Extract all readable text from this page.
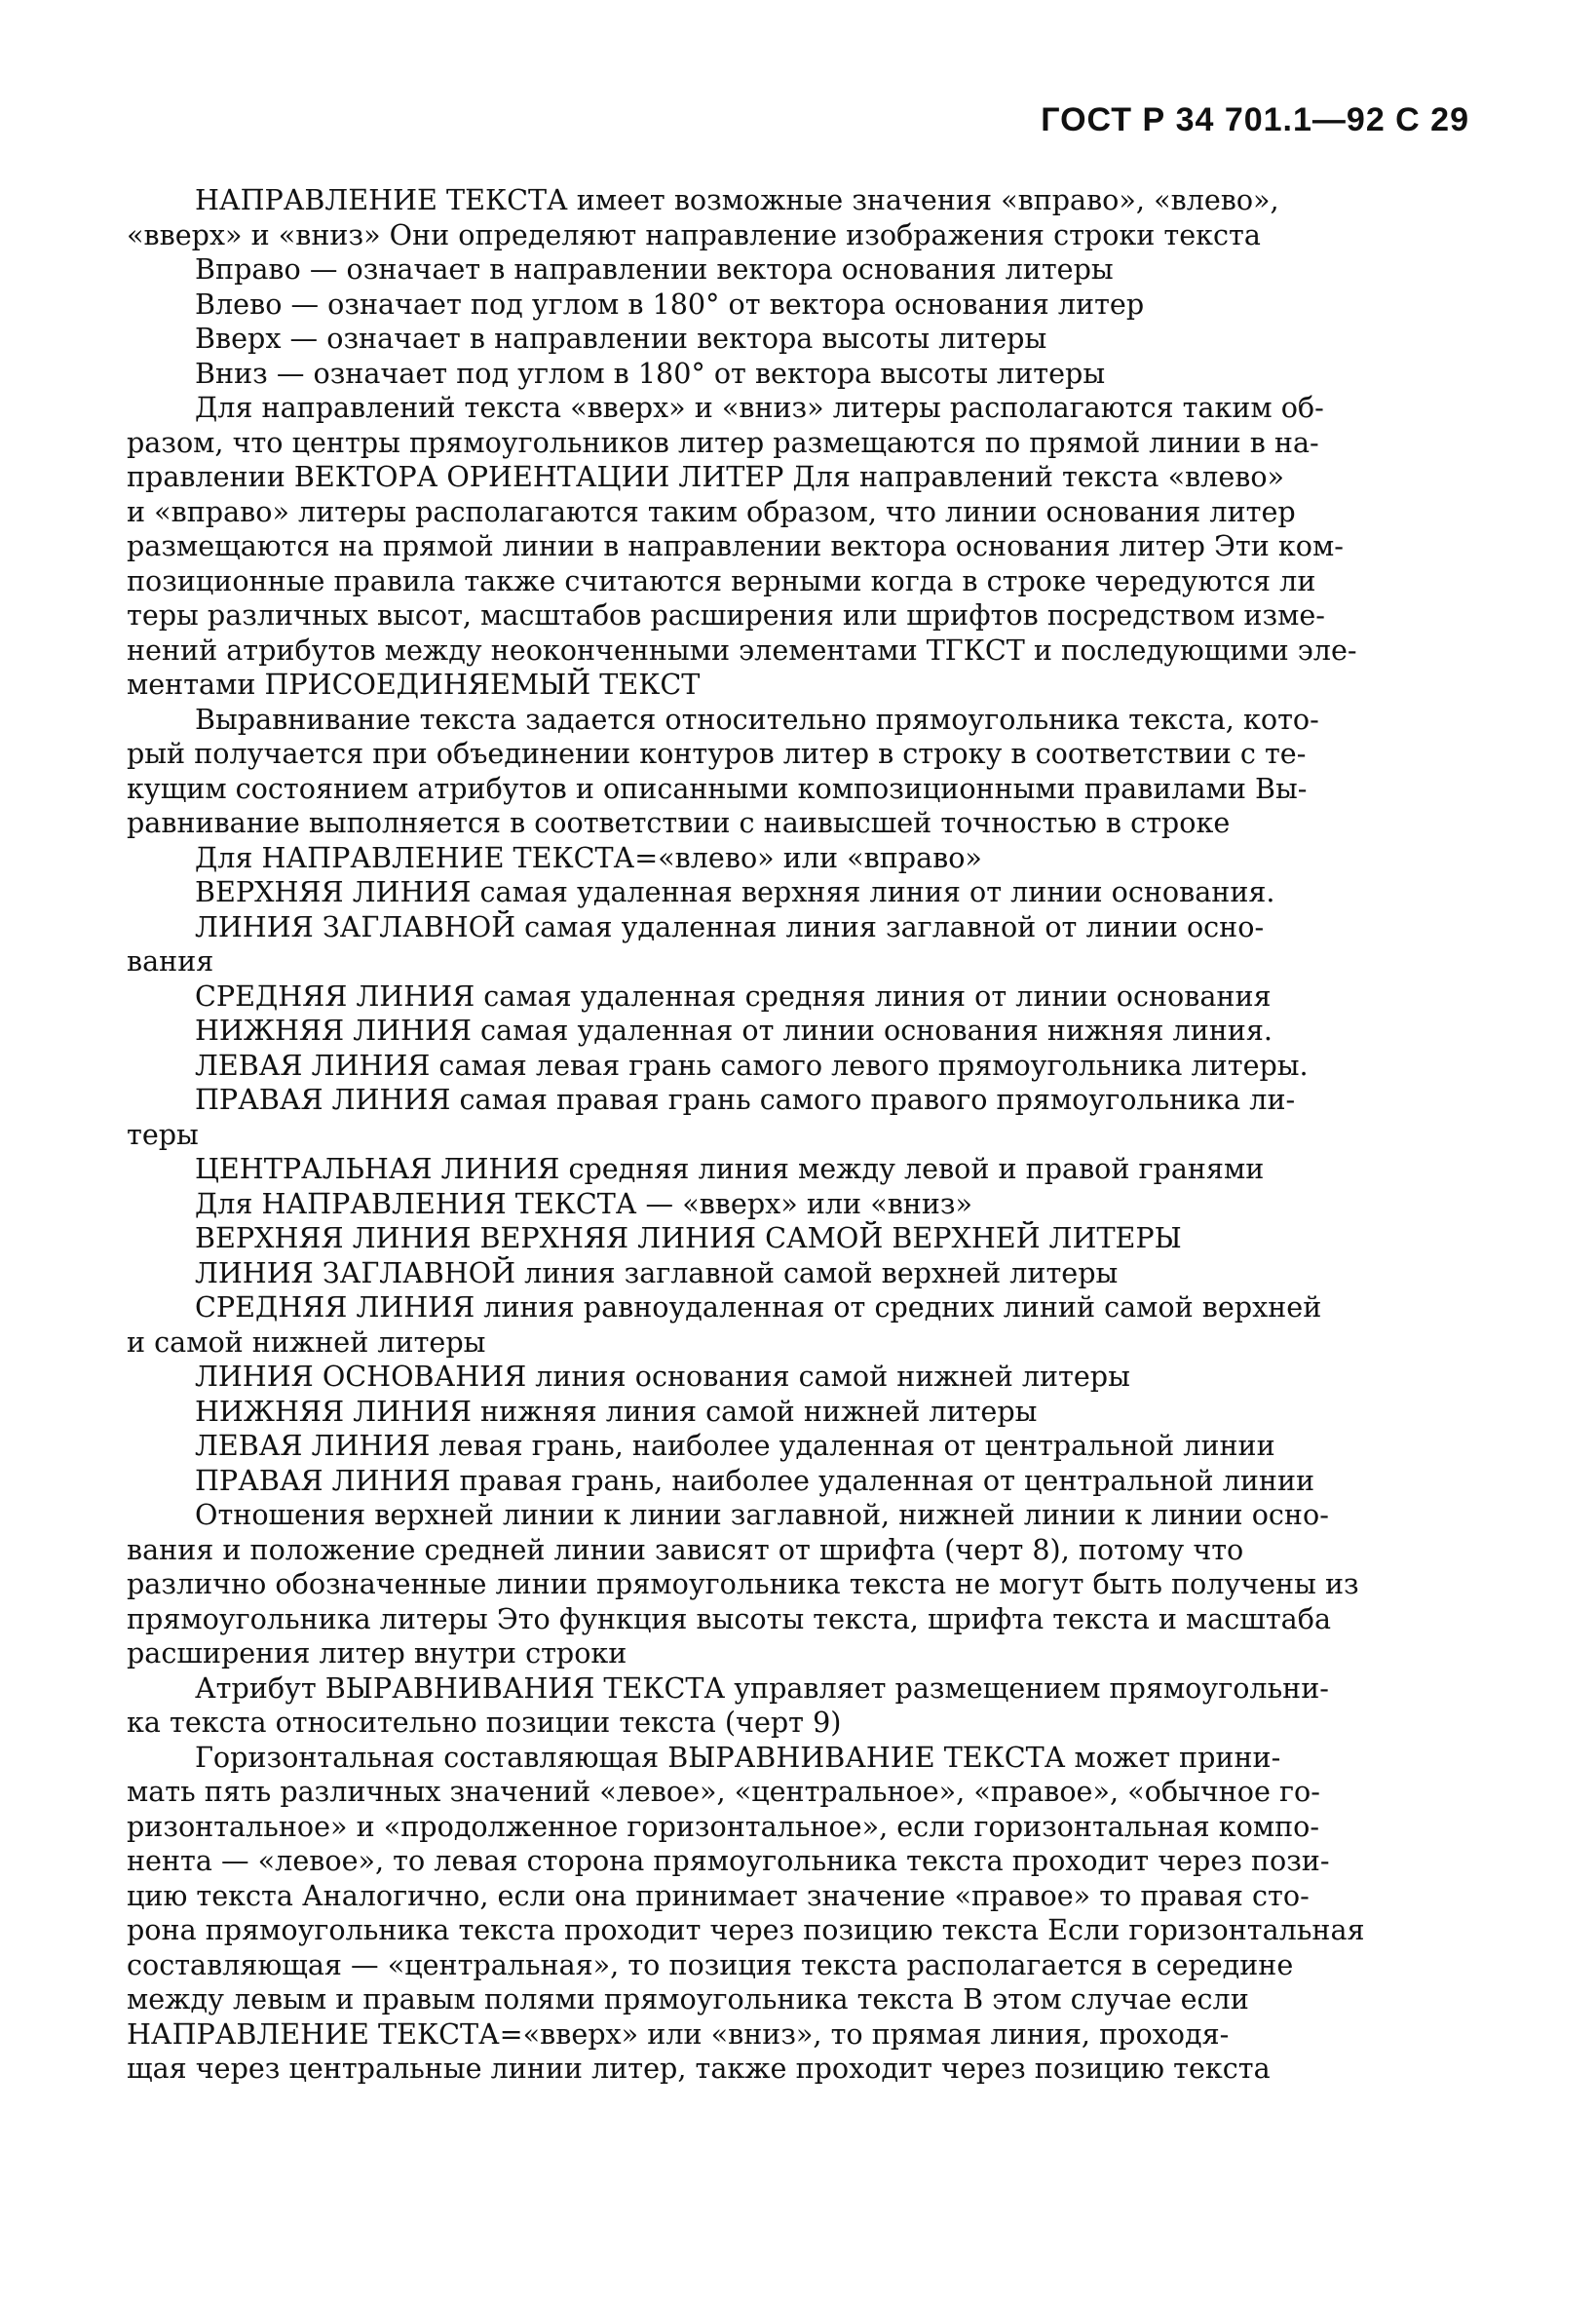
ГОСТ Р 34 701.1—92 С 29
НАПРАВЛЕНИЕ ТЕКСТА имеет возможные значения «вправо», «влево»,
«вверх» и «вниз» Они определяют направление изображения строки текста
Вправо — означает в направлении вектора основания литеры
Влево — означает под углом в 180° от вектора основания литер
Вверх — означает в направлении вектора высоты литеры
Вниз — означает под углом в 180° от вектора высоты литеры
Для направлений текста «вверх» и «вниз» литеры располагаются таким об-
разом, что центры прямоугольников литер размещаются по прямой линии в на-
правлении ВЕКТОРА ОРИЕНТАЦИИ ЛИТЕР Для направлений текста «влево»
и «вправо» литеры располагаются таким образом, что линии основания литер
размещаются на прямой линии в направлении вектора основания литер Эти ком-
позиционные правила также считаются верными когда в строке чередуются ли
теры различных высот, масштабов расширения или шрифтов посредством изме-
нений атрибутов между неоконченными элементами ТГКСТ и последующими эле-
ментами ПРИСОЕДИНЯЕМЫЙ ТЕКСТ
Выравнивание текста задается относительно прямоугольника текста, кото-
рый получается при объединении контуров литер в строку в соответствии с те-
кущим состоянием атрибутов и описанными композиционными правилами Вы-
равнивание выполняется в соответствии с наивысшей точностью в строке
Для НАПРАВЛЕНИЕ ТЕКСТА=«влево» или «вправо»
ВЕРХНЯЯ ЛИНИЯ самая удаленная верхняя линия от линии основания.
ЛИНИЯ ЗАГЛАВНОЙ самая удаленная линия заглавной от линии осно-
вания
СРЕДНЯЯ ЛИНИЯ самая удаленная средняя линия от линии основания
НИЖНЯЯ ЛИНИЯ самая удаленная от линии основания нижняя линия.
ЛЕВАЯ ЛИНИЯ самая левая грань самого левого прямоугольника литеры.
ПРАВАЯ ЛИНИЯ самая правая грань самого правого прямоугольника ли-
теры
ЦЕНТРАЛЬНАЯ ЛИНИЯ средняя линия между левой и правой гранями
Для НАПРАВЛЕНИЯ ТЕКСТА — «вверх» или «вниз»
ВЕРХНЯЯ ЛИНИЯ ВЕРХНЯЯ ЛИНИЯ САМОЙ ВЕРХНЕЙ ЛИТЕРЫ
ЛИНИЯ ЗАГЛАВНОЙ линия заглавной самой верхней литеры
СРЕДНЯЯ ЛИНИЯ линия равноудаленная от средних линий самой верхней
и самой нижней литеры
ЛИНИЯ ОСНОВАНИЯ линия основания самой нижней литеры
НИЖНЯЯ ЛИНИЯ нижняя линия самой нижней литеры
ЛЕВАЯ ЛИНИЯ левая грань, наиболее удаленная от центральной линии
ПРАВАЯ ЛИНИЯ правая грань, наиболее удаленная от центральной линии
Отношения верхней линии к линии заглавной, нижней линии к линии осно-
вания и положение средней линии зависят от шрифта (черт 8), потому что
различно обозначенные линии прямоугольника текста не могут быть получены из
прямоугольника литеры Это функция высоты текста, шрифта текста и масштаба
расширения литер внутри строки
Атрибут ВЫРАВНИВАНИЯ ТЕКСТА управляет размещением прямоугольни-
ка текста относительно позиции текста (черт 9)
Горизонтальная составляющая ВЫРАВНИВАНИЕ ТЕКСТА может прини-
мать пять различных значений «левое», «центральное», «правое», «обычное го-
ризонтальное» и «продолженное горизонтальное», если горизонтальная компо-
нента — «левое», то левая сторона прямоугольника текста проходит через пози-
цию текста Аналогично, если она принимает значение «правое» то правая сто-
рона прямоугольника текста проходит через позицию текста Если горизонтальная
составляющая — «центральная», то позиция текста располагается в середине
между левым и правым полями прямоугольника текста В этом случае если
НАПРАВЛЕНИЕ ТЕКСТА=«вверх» или «вниз», то прямая линия, проходя-
щая через центральные линии литер, также проходит через позицию текста
